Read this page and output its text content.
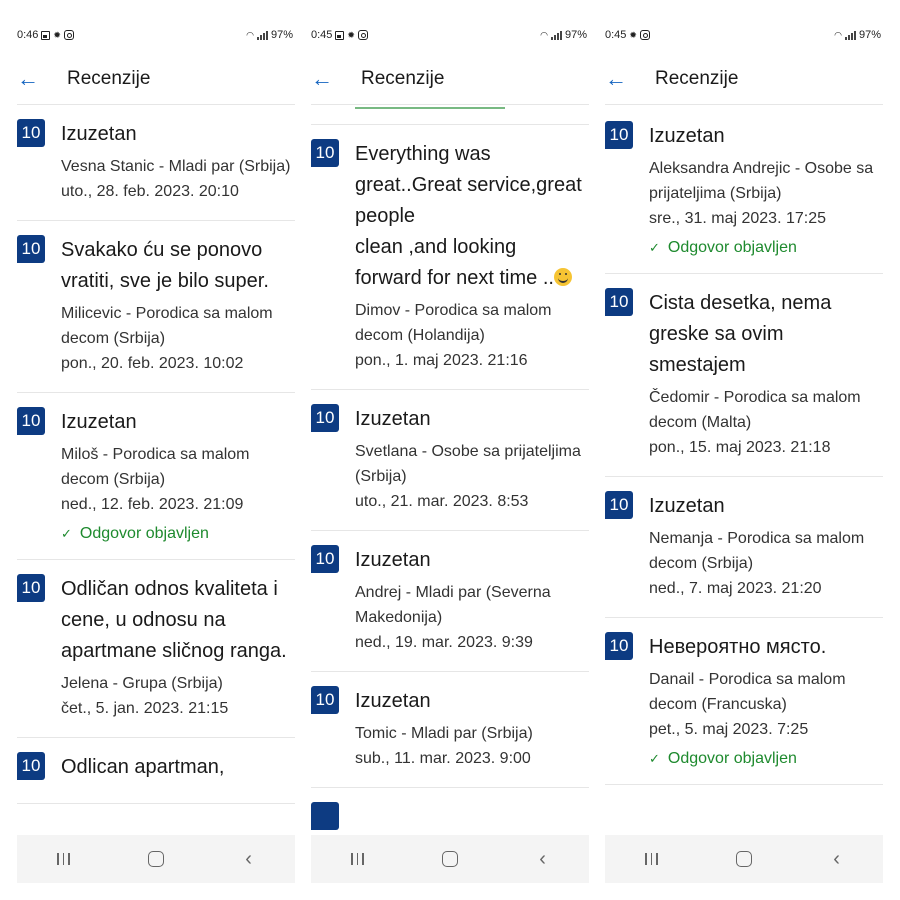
0:46 ✹	◠ 97%
← Recenzije
10 Izuzetan
Vesna Stanic - Mladi par (Srbija)
uto., 28. feb. 2023. 20:10
10 Svakako ću se ponovo vratiti, sve je bilo super.
Milicevic - Porodica sa malom decom (Srbija)
pon., 20. feb. 2023. 10:02
10 Izuzetan
Miloš - Porodica sa malom decom (Srbija)
ned., 12. feb. 2023. 21:09
✓ Odgovor objavljen
10 Odličan odnos kvaliteta i cene, u odnosu na apartmane sličnog ranga.
Jelena - Grupa (Srbija)
čet., 5. jan. 2023. 21:15
10 Odlican apartman,
‹
0:45 ✹	◠ 97%
← Recenzije
10 Everything was great..Great service,great people
clean ,and looking forward for next time ..
Dimov - Porodica sa malom decom (Holandija)
pon., 1. maj 2023. 21:16
10 Izuzetan
Svetlana - Osobe sa prijateljima (Srbija)
uto., 21. mar. 2023. 8:53
10 Izuzetan
Andrej - Mladi par (Severna Makedonija)
ned., 19. mar. 2023. 9:39
10 Izuzetan
Tomic - Mladi par (Srbija)
sub., 11. mar. 2023. 9:00
‹
0:45 ✹	◠ 97%
← Recenzije
10 Izuzetan
Aleksandra Andrejic - Osobe sa prijateljima (Srbija)
sre., 31. maj 2023. 17:25
✓ Odgovor objavljen
10 Cista desetka, nema greske sa ovim smestajem
Čedomir - Porodica sa malom decom (Malta)
pon., 15. maj 2023. 21:18
10 Izuzetan
Nemanja - Porodica sa malom decom (Srbija)
ned., 7. maj 2023. 21:20
10 Невероятно място.
Danail - Porodica sa malom decom (Francuska)
pet., 5. maj 2023. 7:25
✓ Odgovor objavljen
‹
